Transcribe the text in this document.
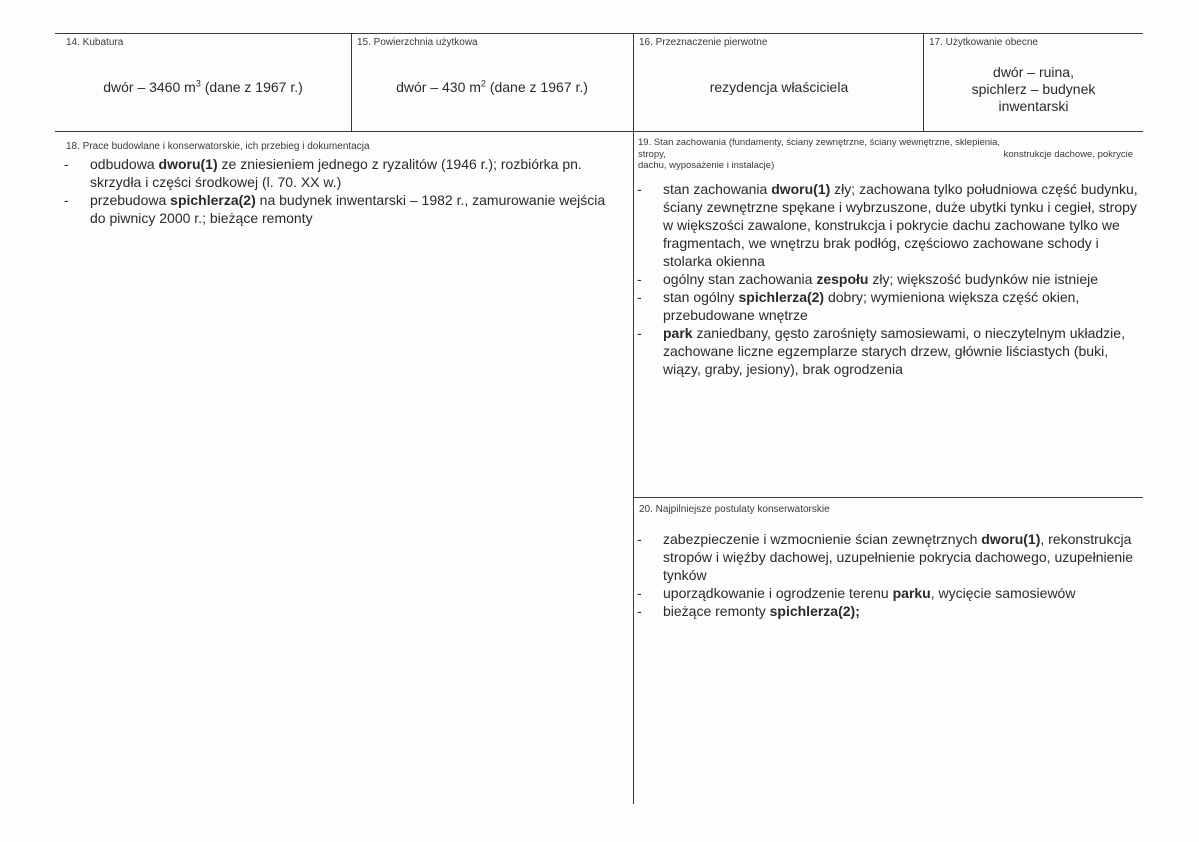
14. Kubatura
dwór – 3460 $m^3$ (dane z 1967 r.)
15. Powierzchnia użytkowa
dwór – 430 $m^2$ (dane z 1967 r.)
16. Przeznaczenie pierwotne
rezydencja właściciela
17. Użytkowanie obecne
dwór – ruina,
spichlerz – budynek
inwentarski
18. Prace budowlane i konserwatorskie, ich przebieg i dokumentacja
- odbudowa dworu(1) ze zniesieniem jednego z ryzalitów (1946 r.); rozbiórka pn. skrzydła i części środkowej (l. 70. XX w.)
- przebudowa spichlerza(2) na budynek inwentarski – 1982 r., zamurowanie wejścia do piwnicy 2000 r.; bieżące remonty
19. Stan zachowania (fundamenty, ściany zewnętrzne, ściany wewnętrzne, sklepienia,
stropy,	konstrukcje dachowe, pokrycie
dachu, wyposażenie i instalacje)
- stan zachowania dworu(1) zły; zachowana tylko południowa część budynku, ściany zewnętrzne spękane i wybrzuszone, duże ubytki tynku i cegieł, stropy w większości zawalone, konstrukcja i pokrycie dachu zachowane tylko we fragmentach, we wnętrzu brak podłóg, częściowo zachowane schody i stolarka okienna
- ogólny stan zachowania zespołu zły; większość budynków nie istnieje
- stan ogólny spichlerza(2) dobry; wymieniona większa część okien, przebudowane wnętrze
- park zaniedbany, gęsto zarośnięty samosiewami, o nieczytelnym układzie, zachowane liczne egzemplarze starych drzew, głównie liściastych (buki, wiązy, graby, jesiony), brak ogrodzenia
20. Najpilniejsze postulaty konserwatorskie
- zabezpieczenie i wzmocnienie ścian zewnętrznych dworu(1), rekonstrukcja stropów i więźby dachowej, uzupełnienie pokrycia dachowego, uzupełnienie tynków
- uporządkowanie i ogrodzenie terenu parku, wycięcie samosiewów
- bieżące remonty spichlerza(2);
